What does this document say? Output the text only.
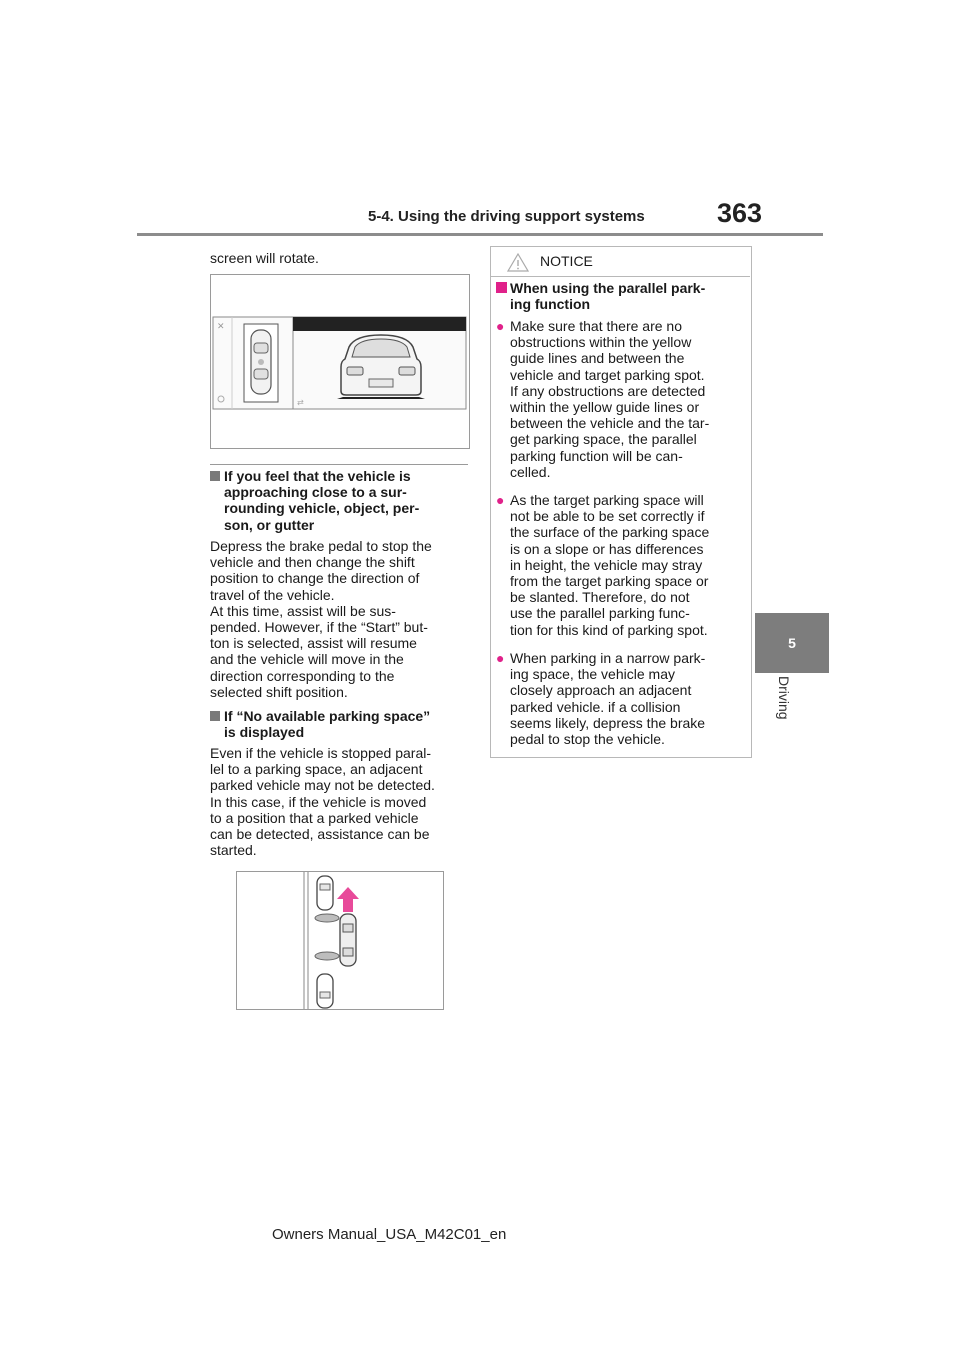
5-4. Using the driving support systems	363
5
Driving
screen will rotate.
✕
⇄
If you feel that the vehicle is
approaching close to a sur-
rounding vehicle, object, per-
son, or gutter
Depress the brake pedal to stop the
vehicle and then change the shift
position to change the direction of
travel of the vehicle.
At this time, assist will be sus-
pended. However, if the “Start” but-
ton is selected, assist will resume
and the vehicle will move in the
direction corresponding to the
selected shift position.
If “No available parking space”
is displayed
Even if the vehicle is stopped paral-
lel to a parking space, an adjacent
parked vehicle may not be detected.
In this case, if the vehicle is moved
to a position that a parked vehicle
can be detected, assistance can be
started.
NOTICE
When using the parallel park-
ing function
● Make sure that there are no
obstructions within the yellow
guide lines and between the
vehicle and target parking spot.
If any obstructions are detected
within the yellow guide lines or
between the vehicle and the tar-
get parking space, the parallel
parking function will be can-
celled.
● As the target parking space will
not be able to be set correctly if
the surface of the parking space
is on a slope or has differences
in height, the vehicle may stray
from the target parking space or
be slanted. Therefore, do not
use the parallel parking func-
tion for this kind of parking spot.
● When parking in a narrow park-
ing space, the vehicle may
closely approach an adjacent
parked vehicle. if a collision
seems likely, depress the brake
pedal to stop the vehicle.
Owners Manual_USA_M42C01_en
